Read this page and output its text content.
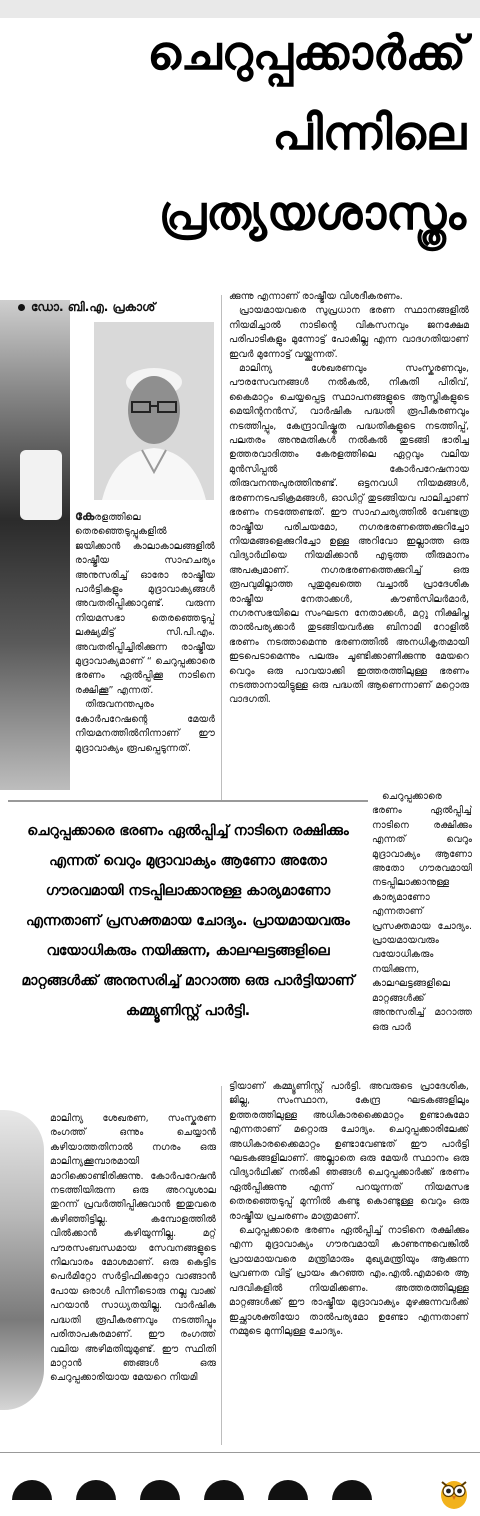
ചെറുപ്പക്കാർക്ക്
പിന്നിലെ
പ്രത്യയശാസ്ത്രം
ഡോ. ബി.എ. പ്രകാശ്

കേരളത്തിലെ തെരഞ്ഞെടുപ്പുകളിൽ ജയിക്കാൻ കാലാകാലങ്ങളിൽ രാഷ്ട്രീയ സാഹചര്യം അനുസരിച്ച് ഓരോ രാഷ്ട്രീയ പാർട്ടികളും മുദ്രാവാക്യങ്ങൾ അവതരിപ്പിക്കാറുണ്ട്. വരുന്ന നിയമസഭാ തെരഞ്ഞെടുപ്പ് ലക്ഷ്യമിട്ട് സി.പി.എം. അവതരിപ്പിച്ചിരിക്കുന്ന രാഷ്ട്രീയ മുദ്രാവാക്യമാണ് “ ചെറുപ്പക്കാരെ ഭരണം ഏൽപ്പിക്കൂ നാടിനെ രക്ഷിക്കൂ” എന്നത്.

തിരുവനന്തപുരം കോർപറേഷന്റെ മേയർ നിയമനത്തിൽനിന്നാണ് ഈ മുദ്രാവാക്യം രൂപപ്പെടുന്നത്.

ക്കുന്നു എന്നാണ് രാഷ്ട്രീയ വിശദീകരണം.

പ്രായമായവരെ സുപ്രധാന ഭരണ സ്ഥാനങ്ങളിൽ നിയമിച്ചാൽ നാടിന്റെ വികസനവും ജനക്ഷേമ പരിപാടികളും മുന്നോട്ട് പോകില്ല എന്ന വാദഗതിയാണ് ഇവർ മുന്നോട്ട് വയ്ക്കുന്നത്.

മാലിന്യ ശേഖരണവും സംസ്കരണവും, പൗരസേവനങ്ങൾ നൽകൽ, നികുതി പിരിവ്, കൈമാറ്റം ചെയ്യപ്പെട്ട സ്ഥാപനങ്ങളുടെ ആസ്തികളുടെ മെയിന്റനൻസ്, വാർഷിക പദ്ധതി രൂപീകരണവും നടത്തിപ്പും, കേന്ദ്രാവിഷ്കൃത പദ്ധതികളുടെ നടത്തിപ്പ്, പലതരം അനുമതികൾ നൽകൽ തുടങ്ങി ഭാരിച്ച ഉത്തരവാദിത്തം കേരളത്തിലെ ഏറ്റവും വലിയ മുൻസിപ്പൽ കോർപറേഷനായ തിരുവനന്തപുരത്തിനുണ്ട്. ഒട്ടനവധി നിയമങ്ങൾ, ഭരണനടപടിക്രമങ്ങൾ, ഓഡിറ്റ് തുടങ്ങിയവ പാലിച്ചാണ് ഭരണം നടത്തേണ്ടത്. ഈ സാഹചര്യത്തിൽ വേണ്ടത്ര രാഷ്ട്രീയ പരിചയമോ, നഗരഭരണത്തെക്കുറിച്ചോ നിയമങ്ങളെക്കുറിച്ചോ ഉള്ള അറിവോ ഇല്ലാത്ത ഒരു വിദ്യാർഥിയെ നിയമിക്കാൻ എടുത്ത തീരുമാനം അപക്വമാണ്. നഗരഭരണത്തെക്കുറിച്ച് ഒരു രൂപവുമില്ലാത്ത പുതുമുഖത്തെ വച്ചാൽ പ്രാദേശിക രാഷ്ട്രീയ നേതാക്കൾ, കൗൺസിലർമാർ, നഗരസഭയിലെ സംഘടന നേതാക്കൾ, മറ്റു നിക്ഷിപ്ത താൽപര്യക്കാർ തുടങ്ങിയവർക്കു ബിനാമി റോളിൽ ഭരണം നടത്താമെന്നു ഭരണത്തിൽ അനധികൃതമായി ഇടപെടാമെന്നും പലരും ചൂണ്ടിക്കാണിക്കുന്നു മേയറെ വെറും ഒരു പാവയാക്കി ഇത്തരത്തിലുള്ള ഭരണം നടത്താനായിട്ടുള്ള ഒരു പദ്ധതി ആണെന്നാണ് മറ്റൊരു വാദഗതി.

ചെറുപ്പക്കാരെ ഭരണം ഏൽപ്പിച്ച് നാടിനെ രക്ഷിക്കും എന്നത് വെറും മുദ്രാവാക്യം ആണോ അതോ ഗൗരവമായി നടപ്പിലാക്കാനുള്ള കാര്യമാണോ എന്നതാണ് പ്രസക്തമായ ചോദ്യം. പ്രായമായവരും വയോധികരും നയിക്കുന്ന, കാലഘട്ടങ്ങളിലെ മാറ്റങ്ങൾക്ക് അനുസരിച്ച് മാറാത്ത ഒരു പാർട്ടിയാണ് കമ്മ്യൂണിസ്റ്റ് പാർട്ടി.

ചെറുപ്പക്കാരെ ഭരണം ഏൽപ്പിച്ച് നാടിനെ രക്ഷിക്കും എന്നത് വെറും മുദ്രാവാക്യം ആണോ അതോ ഗൗരവമായി നടപ്പിലാക്കാനുള്ള കാര്യമാണോ എന്നതാണ് പ്രസക്തമായ ചോദ്യം. പ്രായമായവരും വയോധികരും നയിക്കുന്ന, കാലഘട്ടങ്ങളിലെ മാറ്റങ്ങൾക്ക് അനുസരിച്ച് മാറാത്ത ഒരു പാർ

മാലിന്യ ശേഖരണ, സംസ്കരണ രംഗത്ത് ഒന്നും ചെയ്യാൻ കഴിയാത്തതിനാൽ നഗരം ഒരു മാലിന്യക്കൂമ്പാരമായി മാറിക്കൊണ്ടിരിക്കുന്നു. കോർപറേഷൻ നടത്തിയിരുന്ന ഒരു അറവുശാല തുറന്ന് പ്രവർത്തിപ്പിക്കുവാൻ ഇതുവരെ കഴിഞ്ഞിട്ടില്ല. കമ്പോളത്തിൽ വിൽക്കാൻ കഴിയുന്നില്ല. മറ്റ് പൗരസംബന്ധമായ സേവനങ്ങളുടെ നിലവാരം മോശമാണ്. ഒരു കെട്ടിട പെർമിറ്റോ സർട്ടിഫിക്കറ്റോ വാങ്ങാൻ പോയ ഒരാൾ പിന്നീടൊരു നല്ല വാക്ക് പറയാൻ സാധ്യതയില്ല. വാർഷിക പദ്ധതി രൂപീകരണവും നടത്തിപ്പും പരിതാപകരമാണ്. ഈ രംഗത്ത് വലിയ അഴിമതിയുമുണ്ട്. ഈ സ്ഥിതി മാറ്റാൻ ഞങ്ങൾ ഒരു ചെറുപ്പക്കാരിയായ മേയറെ നിയമി

ട്ടിയാണ് കമ്മ്യൂണിസ്റ്റ് പാർട്ടി. അവരുടെ പ്രാദേശിക, ജില്ല, സംസ്ഥാന, കേന്ദ്ര ഘടകങ്ങളിലും ഉത്തരത്തിലുള്ള അധികാരക്കൈമാറ്റം ഉണ്ടാകുമോ എന്നതാണ് മറ്റൊരു ചോദ്യം. ചെറുപ്പക്കാരിലേക്ക് അധികാരക്കൈമാറ്റം ഉണ്ടാവേണ്ടത് ഈ പാർട്ടി ഘടകങ്ങളിലാണ്. അല്ലാതെ ഒരു മേയർ സ്ഥാനം ഒരു വിദ്യാർഥിക്ക് നൽകി ഞങ്ങൾ ചെറുപ്പക്കാർക്ക് ഭരണം ഏൽപ്പിക്കുന്നു എന്ന് പറയുന്നത് നിയമസഭ തെരഞ്ഞെടുപ്പ് മുന്നിൽ കണ്ടു കൊണ്ടുള്ള വെറും ഒരു രാഷ്ട്രീയ പ്രചരണം മാത്രമാണ്.

ചെറുപ്പക്കാരെ ഭരണം ഏൽപ്പിച്ച് നാടിനെ രക്ഷിക്കും എന്ന മുദ്രാവാക്യം ഗൗരവമായി കാണുന്നുവെങ്കിൽ പ്രായമായവരെ മന്ത്രിമാരും മുഖ്യമന്ത്രിയും ആക്കുന്ന പ്രവണത വിട്ട് പ്രായം കുറഞ്ഞ എം.എൽ.എമാരെ ആ പദവികളിൽ നിയമിക്കണം. അത്തരത്തിലുള്ള മാറ്റങ്ങൾക്ക് ഈ രാഷ്ട്രീയ മുദ്രാവാക്യം മുഴക്കുന്നവർക്ക് ഇച്ഛാശക്തിയോ താൽപര്യമോ ഉണ്ടോ എന്നതാണ് നമ്മുടെ മുന്നിലുള്ള ചോദ്യം.
